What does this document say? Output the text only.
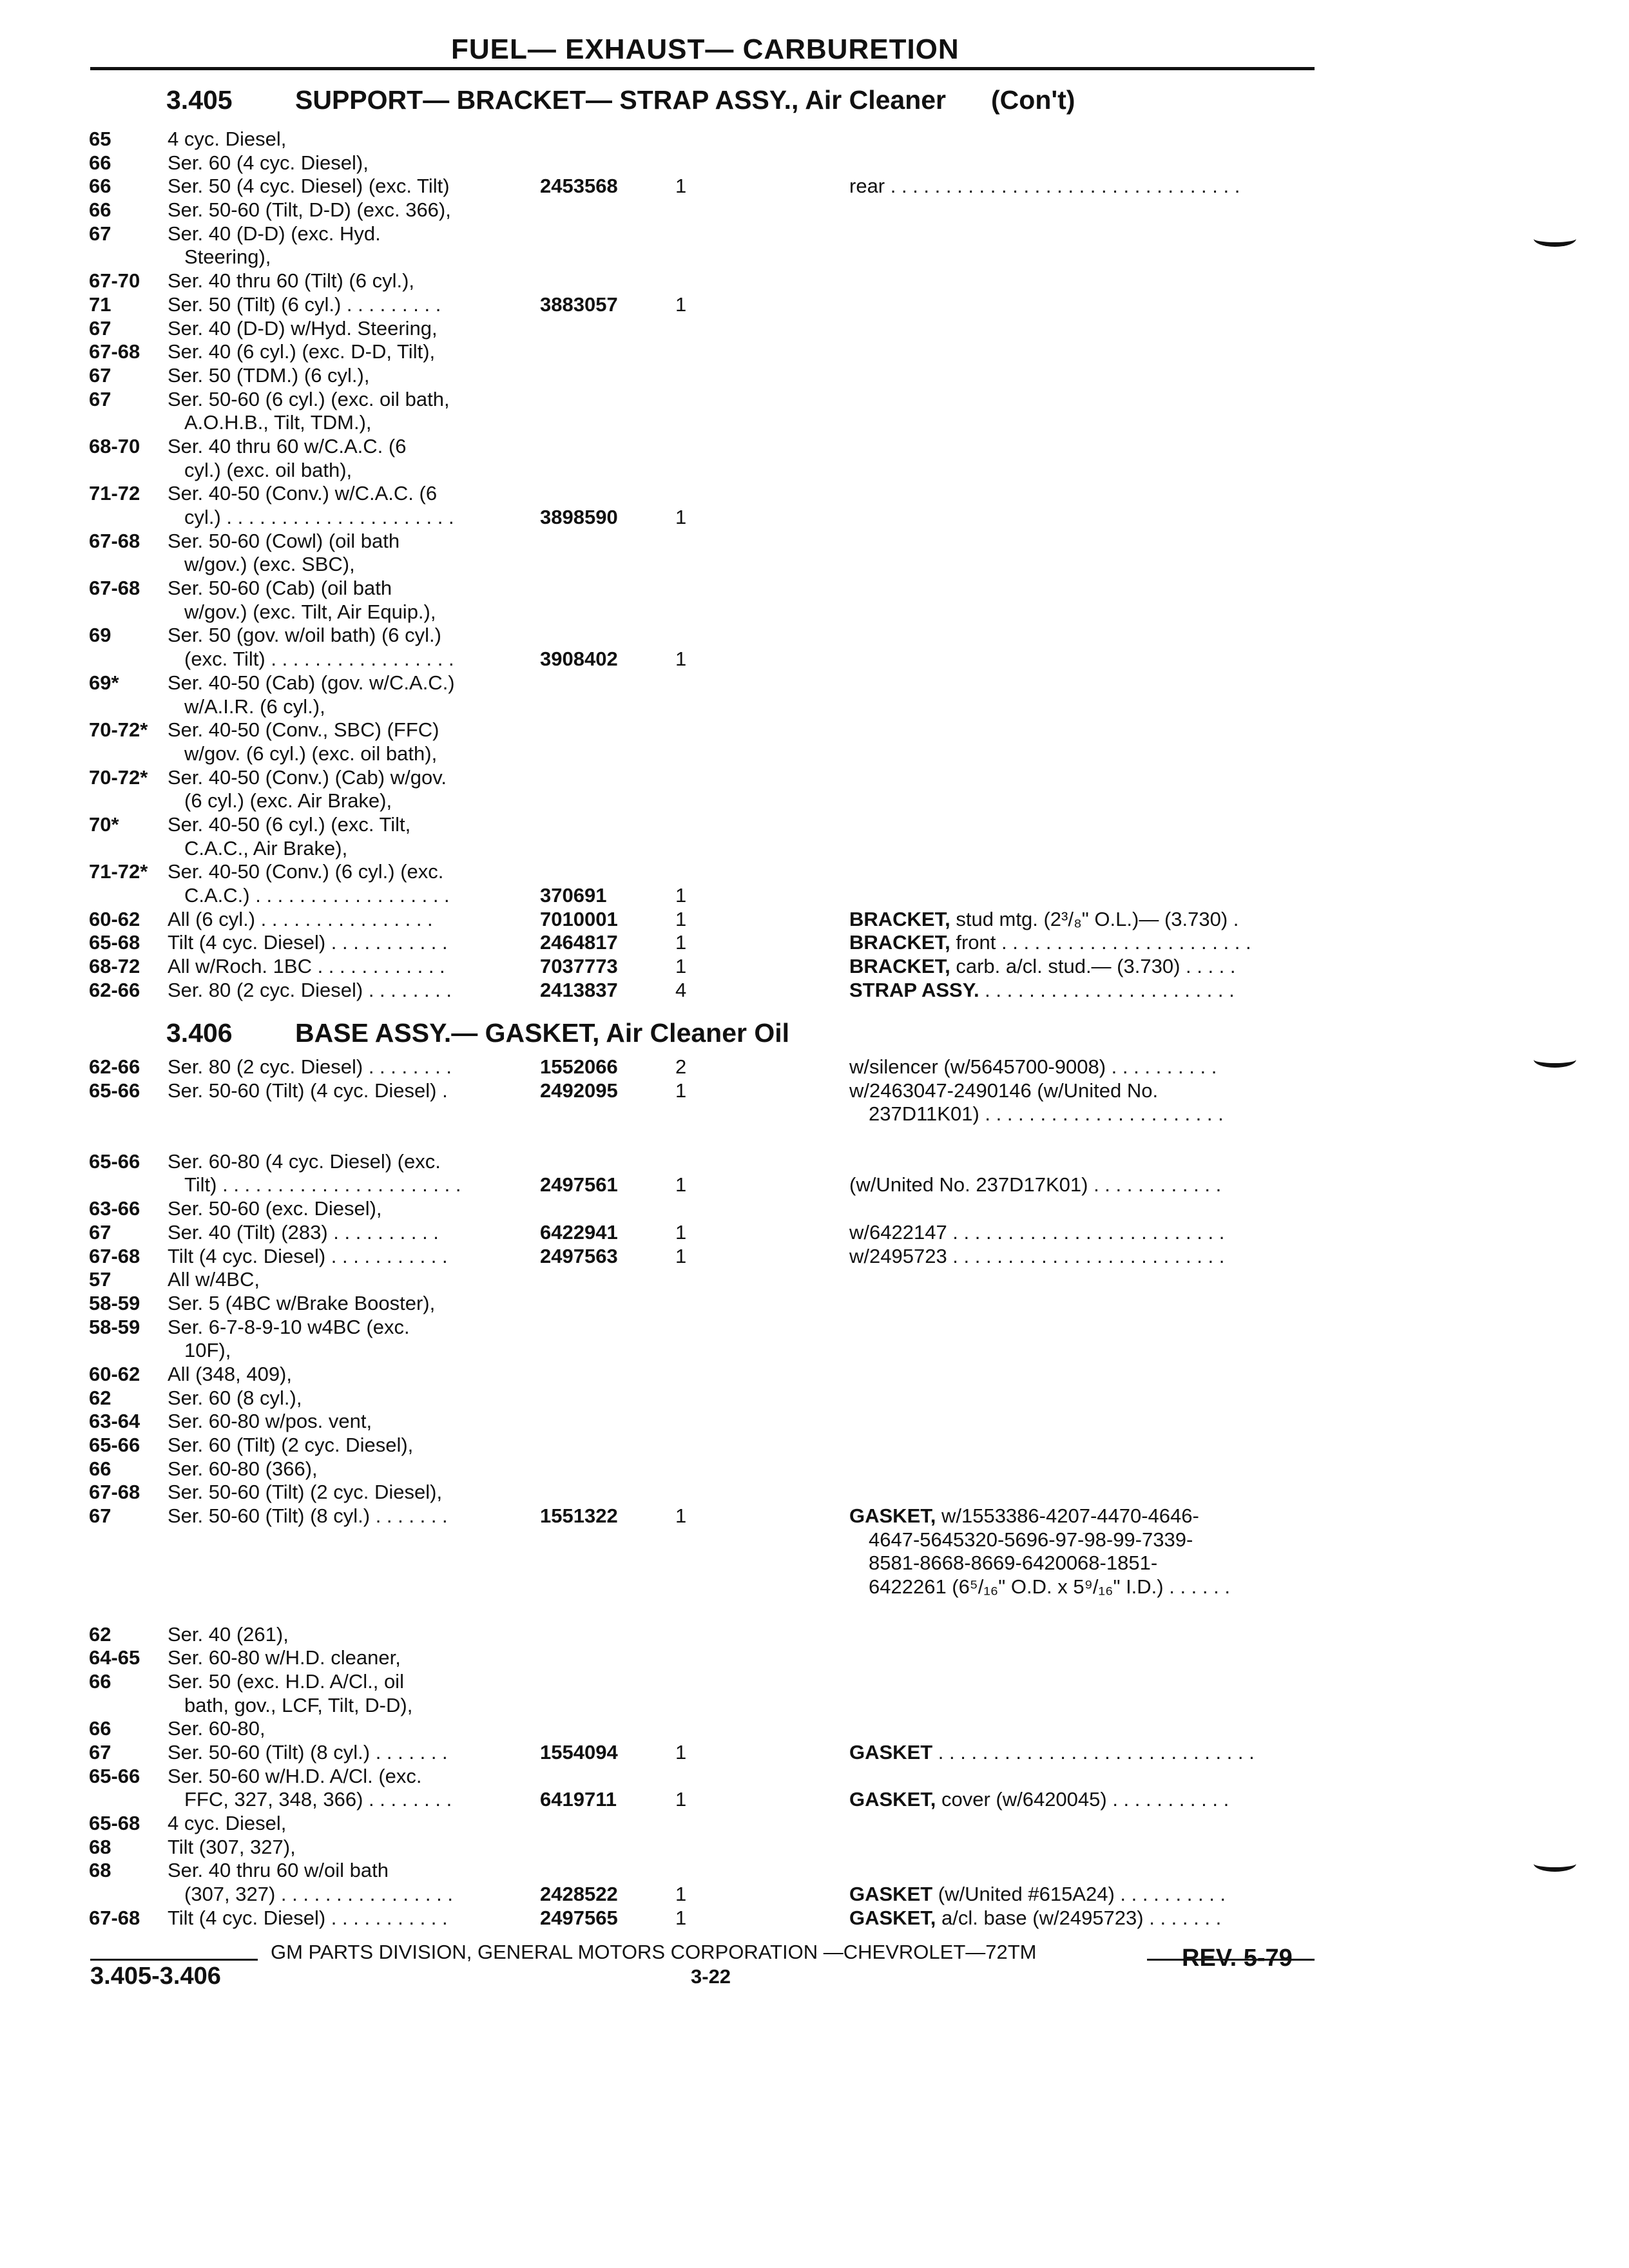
FUEL— EXHAUST— CARBURETION
3.405 SUPPORT— BRACKET— STRAP ASSY., Air Cleaner (Con't)
65	4 cyc. Diesel,
66	Ser. 60 (4 cyc. Diesel),
66	Ser. 50 (4 cyc. Diesel) (exc. Tilt)	2453568	1	rear . . . . . . . . . . . . . . . . . . . . . . . . . . . . . . . .
66	Ser. 50-60 (Tilt, D-D) (exc. 366),
67	Ser. 40 (D-D) (exc. Hyd.
Steering),
67-70 Ser. 40 thru 60 (Tilt) (6 cyl.),
71	Ser. 50 (Tilt) (6 cyl.) . . . . . . . . .	3883057	1
67	Ser. 40 (D-D) w/Hyd. Steering,
67-68 Ser. 40 (6 cyl.) (exc. D-D, Tilt),
67	Ser. 50 (TDM.) (6 cyl.),
67	Ser. 50-60 (6 cyl.) (exc. oil bath,
A.O.H.B., Tilt, TDM.),
68-70 Ser. 40 thru 60 w/C.A.C. (6
cyl.) (exc. oil bath),
71-72 Ser. 40-50 (Conv.) w/C.A.C. (6
cyl.) . . . . . . . . . . . . . . . . . . . . .	3898590	1
67-68 Ser. 50-60 (Cowl) (oil bath
w/gov.) (exc. SBC),
67-68 Ser. 50-60 (Cab) (oil bath
w/gov.) (exc. Tilt, Air Equip.),
69	Ser. 50 (gov. w/oil bath) (6 cyl.)
(exc. Tilt) . . . . . . . . . . . . . . . . .	3908402	1
69* Ser. 40-50 (Cab) (gov. w/C.A.C.)
w/A.I.R. (6 cyl.),
70-72* Ser. 40-50 (Conv., SBC) (FFC)
w/gov. (6 cyl.) (exc. oil bath),
70-72* Ser. 40-50 (Conv.) (Cab) w/gov.
(6 cyl.) (exc. Air Brake),
70* Ser. 40-50 (6 cyl.) (exc. Tilt,
C.A.C., Air Brake),
71-72* Ser. 40-50 (Conv.) (6 cyl.) (exc.
C.A.C.) . . . . . . . . . . . . . . . . . .	370691	1
60-62 All (6 cyl.) . . . . . . . . . . . . . . . .	7010001	1	BRACKET, stud mtg. (2³/₈" O.L.)— (3.730) .
65-68 Tilt (4 cyc. Diesel) . . . . . . . . . . .	2464817	1	BRACKET, front . . . . . . . . . . . . . . . . . . . . . . .
68-72 All w/Roch. 1BC . . . . . . . . . . . .	7037773	1	BRACKET, carb. a/cl. stud.— (3.730) . . . . .
62-66 Ser. 80 (2 cyc. Diesel) . . . . . . . .	2413837	4	STRAP ASSY. . . . . . . . . . . . . . . . . . . . . . . .
3.406 BASE ASSY.— GASKET, Air Cleaner Oil
62-66 Ser. 80 (2 cyc. Diesel) . . . . . . . .	1552066	2	w/silencer (w/5645700-9008) . . . . . . . . . .
65-66 Ser. 50-60 (Tilt) (4 cyc. Diesel) .	2492095	1	w/2463047-2490146 (w/United No.
237D11K01) . . . . . . . . . . . . . . . . . . . . . .
65-66 Ser. 60-80 (4 cyc. Diesel) (exc.
Tilt) . . . . . . . . . . . . . . . . . . . . . .	2497561	1	(w/United No. 237D17K01) . . . . . . . . . . . .
63-66 Ser. 50-60 (exc. Diesel),
67	Ser. 40 (Tilt) (283) . . . . . . . . . .	6422941	1	w/6422147 . . . . . . . . . . . . . . . . . . . . . . . . .
67-68 Tilt (4 cyc. Diesel) . . . . . . . . . . .	2497563	1	w/2495723 . . . . . . . . . . . . . . . . . . . . . . . . .
57	All w/4BC,
58-59 Ser. 5 (4BC w/Brake Booster),
58-59 Ser. 6-7-8-9-10 w4BC (exc.
10F),
60-62 All (348, 409),
62	Ser. 60 (8 cyl.),
63-64 Ser. 60-80 w/pos. vent,
65-66 Ser. 60 (Tilt) (2 cyc. Diesel),
66	Ser. 60-80 (366),
67-68 Ser. 50-60 (Tilt) (2 cyc. Diesel),
67	Ser. 50-60 (Tilt) (8 cyl.) . . . . . . .	1551322	1	GASKET, w/1553386-4207-4470-4646-
4647-5645320-5696-97-98-99-7339-
8581-8668-8669-6420068-1851-
6422261 (6⁵/₁₆" O.D. x 5⁹/₁₆" I.D.) . . . . . .
62	Ser. 40 (261),
64-65 Ser. 60-80 w/H.D. cleaner,
66	Ser. 50 (exc. H.D. A/Cl., oil
bath, gov., LCF, Tilt, D-D),
66	Ser. 60-80,
67	Ser. 50-60 (Tilt) (8 cyl.) . . . . . . .	1554094	1	GASKET . . . . . . . . . . . . . . . . . . . . . . . . . . . . .
65-66 Ser. 50-60 w/H.D. A/Cl. (exc.
FFC, 327, 348, 366) . . . . . . . .	6419711	1	GASKET, cover (w/6420045) . . . . . . . . . . .
65-68 4 cyc. Diesel,
68	Tilt (307, 327),
68	Ser. 40 thru 60 w/oil bath
(307, 327) . . . . . . . . . . . . . . . .	2428522	1	GASKET (w/United #615A24) . . . . . . . . . .
67-68 Tilt (4 cyc. Diesel) . . . . . . . . . . .	2497565	1	GASKET, a/cl. base (w/2495723) . . . . . . .
GM PARTS DIVISION, GENERAL MOTORS CORPORATION —CHEVROLET—72TM
3.405-3.406	3-22
REV. 5-79
